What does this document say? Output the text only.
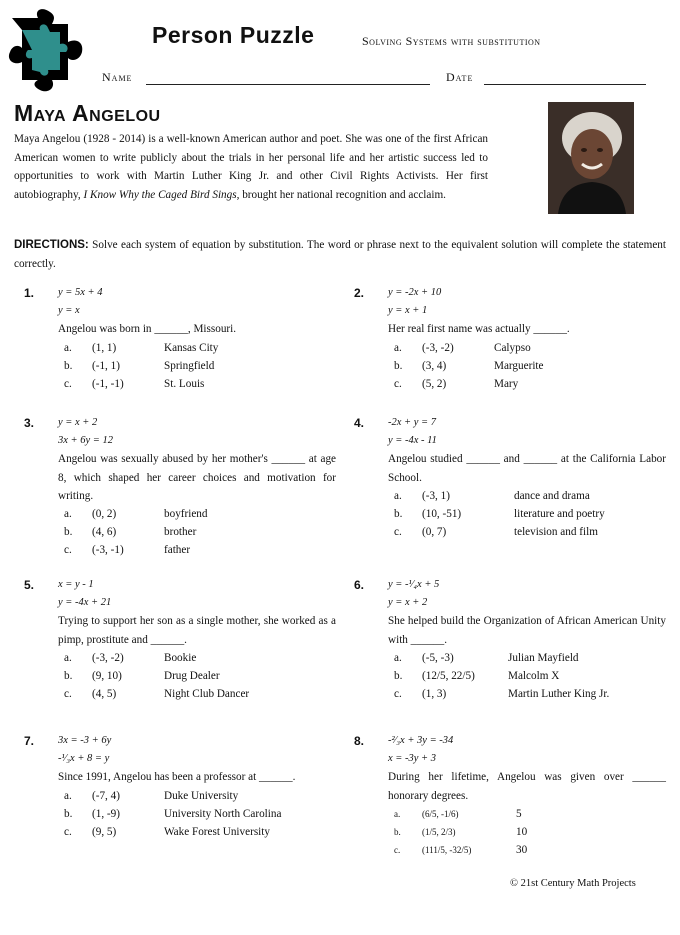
Person Puzzle	Solving Systems with substitution
Name	Date
Maya Angelou
Maya Angelou (1928 - 2014) is a well-known American author and poet. She was one of the first African American women to write publicly about the trials in her personal life and her artistic success led to opportunities to work with Martin Luther King Jr. and other Civil Rights Activists. Her first autobiography, I Know Why the Caged Bird Sings, brought her national recognition and acclaim.
DIRECTIONS: Solve each system of equation by substitution. The word or phrase next to the equivalent solution will complete the statement correctly.
1. y = 5x + 4
y = x
Angelou was born in ______, Missouri.
a. (1, 1)	Kansas City
b. (-1, 1)	Springfield
c. (-1, -1)	St. Louis
2. y = -2x + 10
y = x + 1
Her real first name was actually ______.
a. (-3, -2)	Calypso
b. (3, 4)	Marguerite
c. (5, 2)	Mary
3. y = x + 2
3x + 6y = 12
Angelou was sexually abused by her mother's ______ at age 8, which shaped her career choices and motivation for writing.
a. (0, 2)	boyfriend
b. (4, 6)	brother
c. (-3, -1)	father
4. -2x + y = 7
y = -4x - 11
Angelou studied ______ and ______ at the California Labor School.
a. (-3, 1)	dance and drama
b. (10, -51)	literature and poetry
c. (0, 7)	television and film
5. x = y - 1
y = -4x + 21
Trying to support her son as a single mother, she worked as a pimp, prostitute and ______.
a. (-3, -2)	Bookie
b. (9, 10)	Drug Dealer
c. (4, 5)	Night Club Dancer
6. y = -¹⁄₄x + 5
y = x + 2
She helped build the Organization of African American Unity with ______.
a. (-5, -3)	Julian Mayfield
b. (12/5, 22/5)	Malcolm X
c. (1, 3)	Martin Luther King Jr.
7. 3x = -3 + 6y
-¹⁄₃x + 8 = y
Since 1991, Angelou has been a professor at ______.
a. (-7, 4)	Duke University
b. (1, -9)	University North Carolina
c. (9, 5)	Wake Forest University
8. -²⁄₃x + 3y = -34
x = -3y + 3
During her lifetime, Angelou was given over ______ honorary degrees.
a. (6/5, -1/6)	5
b. (1/5, 2/3)	10
c. (111/5, -32/5)	30
© 21st Century Math Projects
